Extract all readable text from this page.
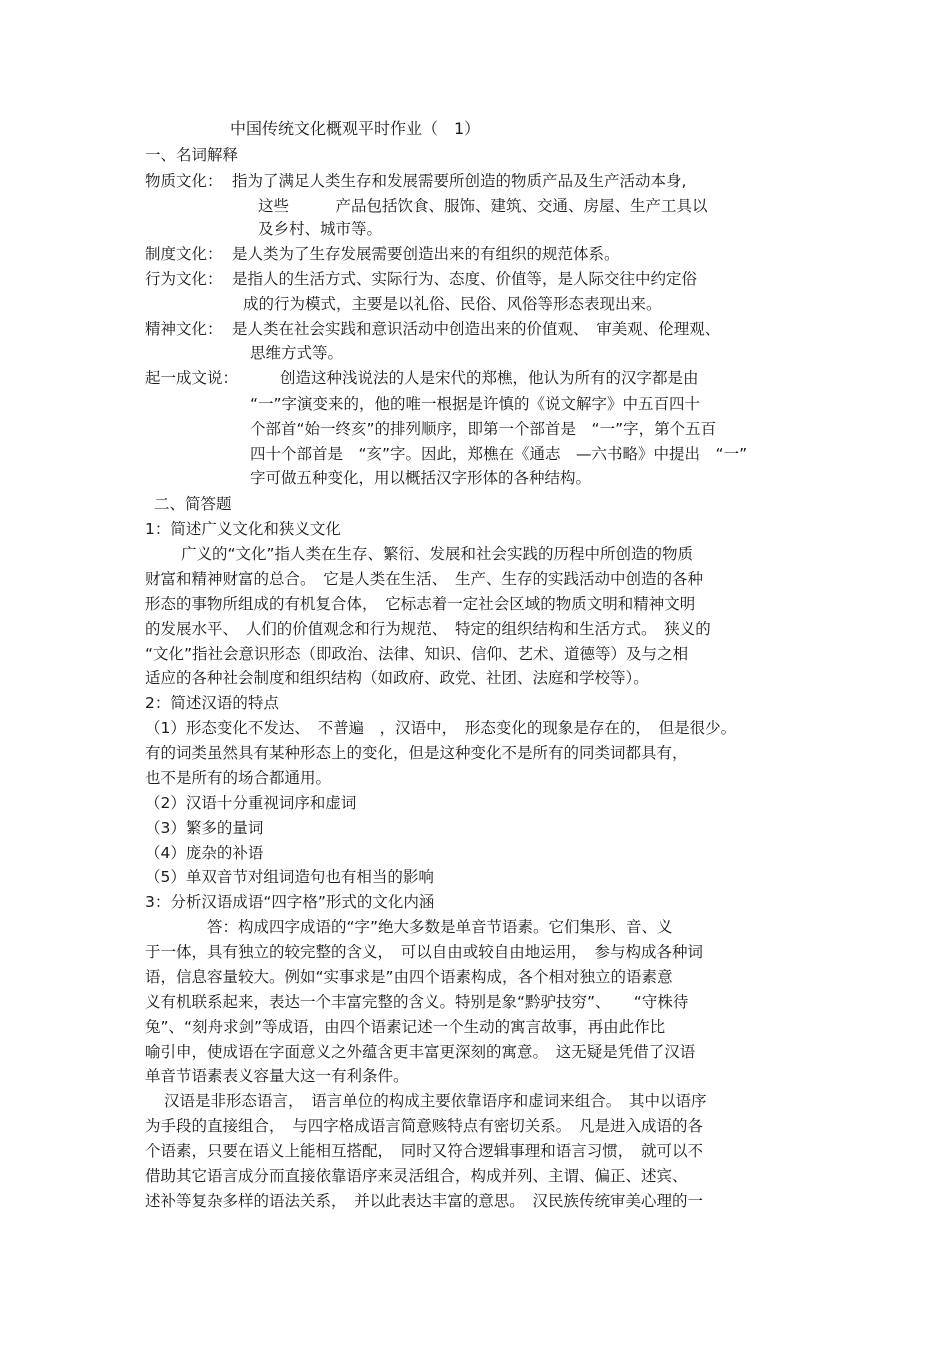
中国传统文化概观平时作业（　1）
一、名词解释
物质文化： 指为了满足人类生存和发展需要所创造的物质产品及生产活动本身,
这些　　　产品包括饮食、服饰、建筑、交通、房屋、生产工具以
及乡村、城市等。
制度文化： 是人类为了生存发展需要创造出来的有组织的规范体系。
行为文化： 是指人的生活方式、实际行为、态度、价值等，是人际交往中约定俗
成的行为模式，主要是以礼俗、民俗、风俗等形态表现出来。
精神文化： 是人类在社会实践和意识活动中创造出来的价值观、　审美观、伦理观、
思维方式等。
起一成文说：	创造这种浅说法的人是宋代的郑樵，他认为所有的汉字都是由
“一”字演变来的，他的唯一根据是许慎的《说文解字》中五百四十
个部首“始一终亥”的排列顺序，即第一个部首是　“一”字，第个五百
四十个部首是　“亥”字。因此，郑樵在《通志　—六书略》中提出　“一”
字可做五种变化，用以概括汉字形体的各种结构。
二、简答题
1：简述广义文化和狭义文化
广义的“文化”指人类在生存、繁衍、发展和社会实践的历程中所创造的物质
财富和精神财富的总合。　它是人类在生活、　生产、生存的实践活动中创造的各种
形态的事物所组成的有机复合体，　它标志着一定社会区域的物质文明和精神文明
的发展水平、　人们的价值观念和行为规范、　特定的组织结构和生活方式。　狭义的
“文化”指社会意识形态（即政治、法律、知识、信仰、艺术、道德等）及与之相
适应的各种社会制度和组织结构（如政府、政党、社团、法庭和学校等）。
2：简述汉语的特点
（1）形态变化不发达、　不普遍　，汉语中，　形态变化的现象是存在的，　但是很少。
有的词类虽然具有某种形态上的变化，但是这种变化不是所有的同类词都具有，
也不是所有的场合都通用。
（2）汉语十分重视词序和虚词
（3）繁多的量词
（4）庞杂的补语
（5）单双音节对组词造句也有相当的影响
3：分析汉语成语“四字格”形式的文化内涵
答：构成四字成语的“字”绝大多数是单音节语素。它们集形、音、义
于一体，具有独立的较完整的含义，　可以自由或较自由地运用，　参与构成各种词
语，信息容量较大。例如“实事求是”由四个语素构成，各个相对独立的语素意
义有机联系起来，表达一个丰富完整的含义。特别是象“黔驴技穷”、　　“守株待
兔”、“刻舟求剑”等成语，由四个语素记述一个生动的寓言故事，再由此作比
喻引申，使成语在字面意义之外蕴含更丰富更深刻的寓意。　这无疑是凭借了汉语
单音节语素表义容量大这一有利条件。
汉语是非形态语言，　语言单位的构成主要依靠语序和虚词来组合。　其中以语序
为手段的直接组合，　与四字格成语言简意赅特点有密切关系。　凡是进入成语的各
个语素，只要在语义上能相互搭配，　同时又符合逻辑事理和语言习惯，　就可以不
借助其它语言成分而直接依靠语序来灵活组合，构成并列、主谓、偏正、述宾、
述补等复杂多样的语法关系，　并以此表达丰富的意思。　汉民族传统审美心理的一
